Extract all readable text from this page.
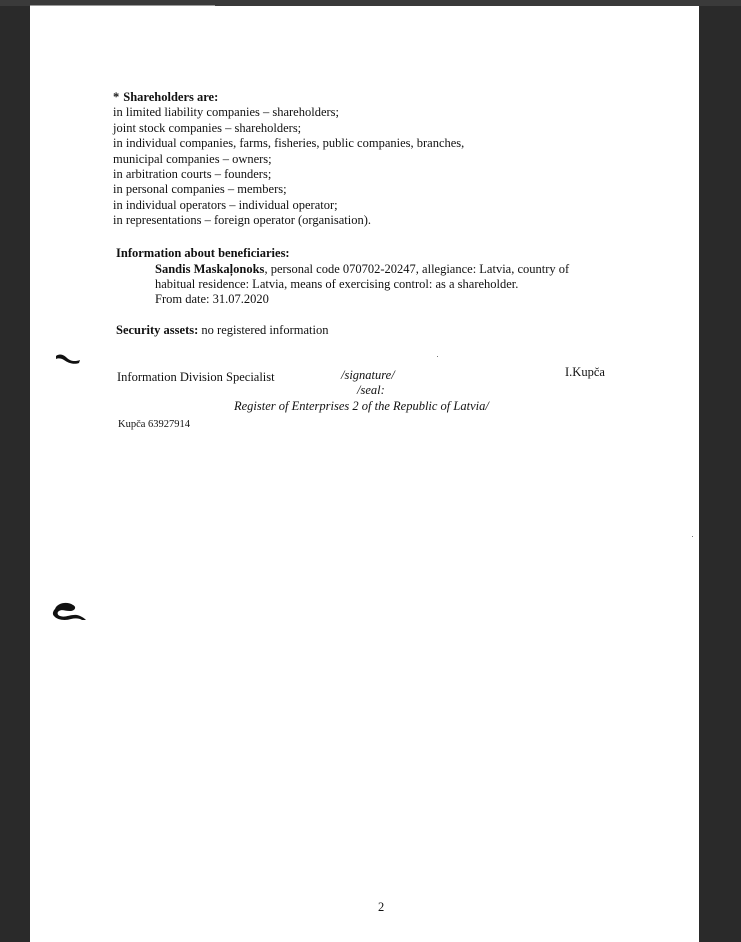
* Shareholders are:
in limited liability companies – shareholders;
joint stock companies – shareholders;
in individual companies, farms, fisheries, public companies, branches,
municipal companies – owners;
in arbitration courts – founders;
in personal companies – members;
in individual operators – individual operator;
in representations – foreign operator (organisation).
Information about beneficiaries:
Sandis Maskaļonoks, personal code 070702-20247, allegiance: Latvia, country of
habitual residence: Latvia, means of exercising control: as a shareholder.
From date: 31.07.2020
Security assets: no registered information
Information Division Specialist	/signature/
/seal:
Register of Enterprises 2 of the Republic of Latvia/
I.Kupča
Kupča 63927914
2
